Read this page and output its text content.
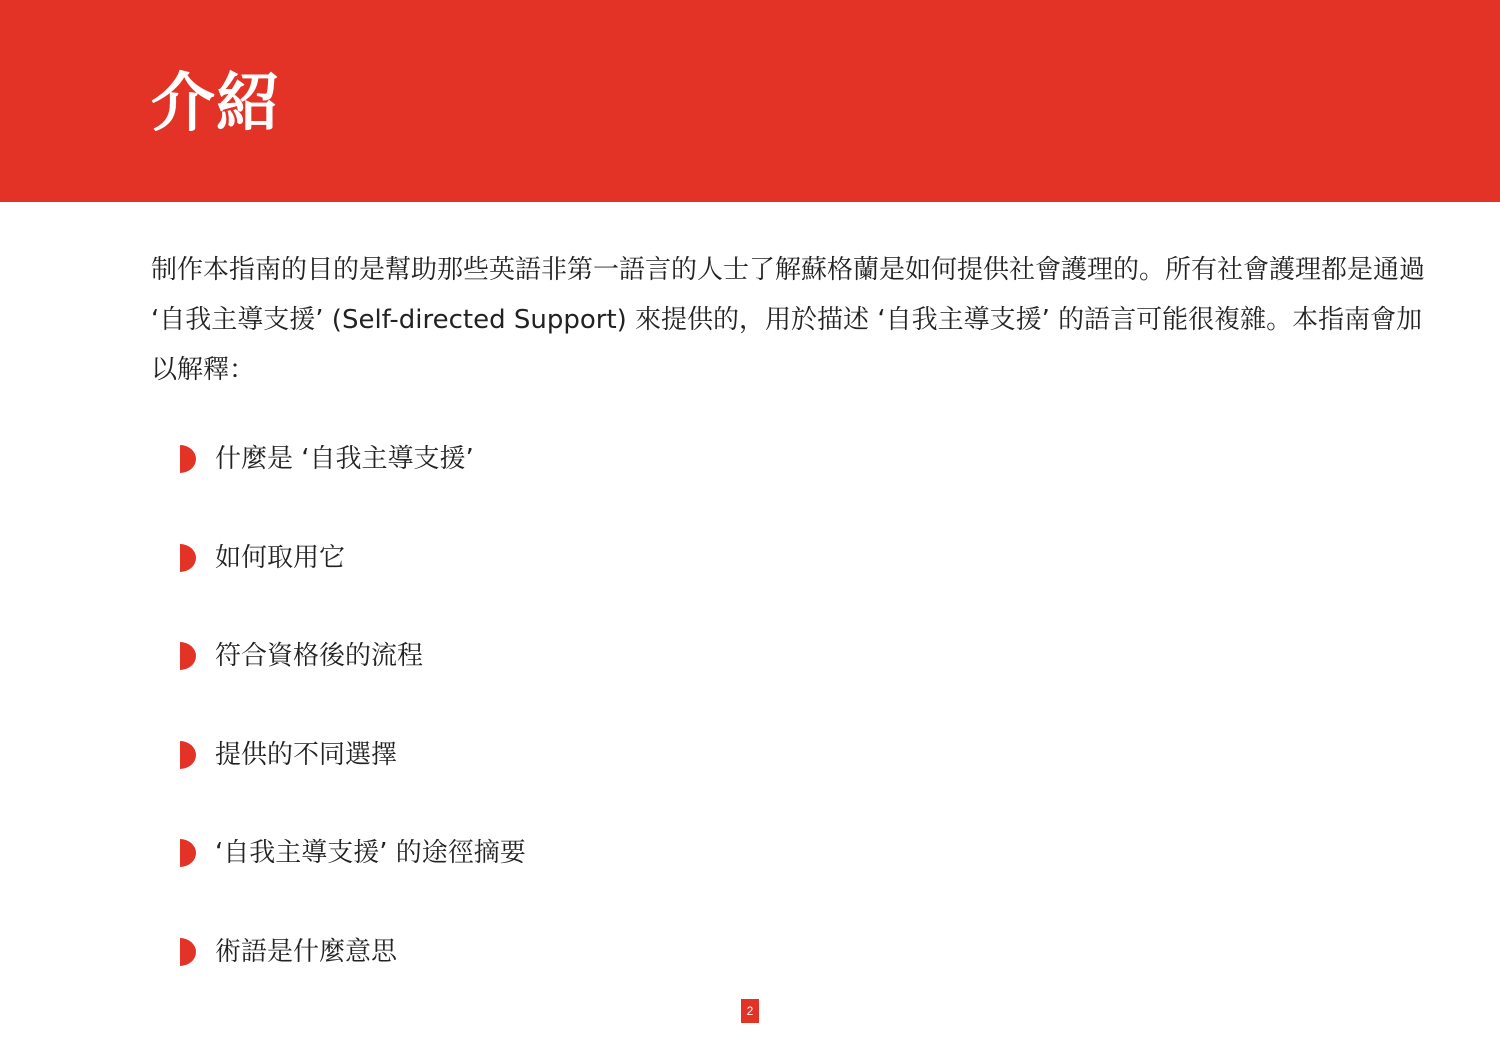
介紹

制作本指南的目的是幫助那些英語非第一語言的人士了解蘇格蘭是如何提供社會護理的。所有社會護理都是通過 ‘自我主導支援’ (Self-directed Support) 來提供的，用於描述 ‘自我主導支援’ 的語言可能很複雜。本指南會加以解釋：

什麼是 ‘自我主導支援’
如何取用它
符合資格後的流程
提供的不同選擇
‘自我主導支援’ 的途徑摘要
術語是什麼意思
2
